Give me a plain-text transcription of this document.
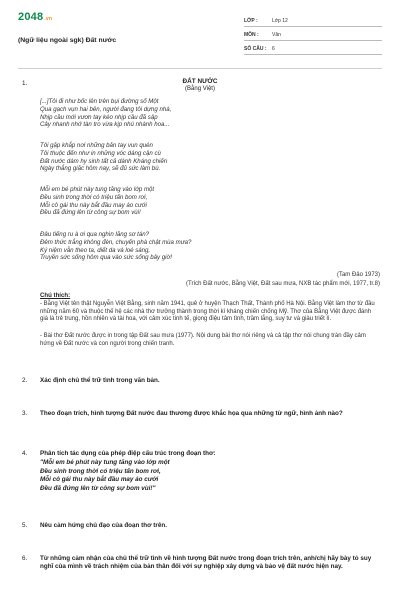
2048.vn
(Ngữ liệu ngoài sgk) Đất nước
LỚP :	Lớp 12
MÔN :	Văn
SỐ CÂU :	6
1.	ĐẤT NƯỚC
(Bằng Việt)
[...]Tôi đi như bốc lên trên bụi đường số Một
Qua gạch vụn hai bên, người đang tôi dựng nhà,
Nhịp cầu mới vươn tay kéo nhịp cầu đã sập
Cây nhanh nhớ tàn tro vừa kịp nhú nhành hoa...
Tôi gặp khắp nơi những bản tay vun quén
Tôi thuộc đến như in những vóc dáng cận cù
Đất nước dám hy sinh tất cả dành Kháng chiến
Ngày thắng giặc hôm nay, sẽ đủ sức làm bù.
Mỗi em bé phút này tung tăng vào lớp một
Đều sinh trong thời có triệu tấn bom rơi,
Mỗi cô gái thu này bắt đầu may áo cưới
Đều đã đứng lên từ công sự bom vùi!
Đâu tiếng ru à ơi qua nghìn lăng sơ tán?
Đêm thức trắng không đèn, chuyến phà chật mùa mưa?
Ký niệm vẫn theo ta, diết da và loé sáng,
Truyền sức sống hôm qua vào sức sống bây giờ!
(Tam Đảo 1973)
(Trích Đất nước, Bằng Việt, Đất sau mưa, NXB tác phẩm mới, 1977, tr.8)
Chú thích:
- Bằng Việt tên thật Nguyễn Việt Bằng, sinh năm 1941, quê ở huyện Thạch Thất, Thành phố Hà Nội. Bằng Việt làm thơ từ đầu những năm 60 và thuộc thế hệ các nhà thơ trưởng thành trong thời kì kháng chiến chống Mỹ. Thơ của Bằng Việt được đánh giá là trẻ trung, hồn nhiên và tài hoa, với cảm xúc tinh tế, giọng điệu tâm tình, trầm lắng, suy tư và giàu triết lí.
- Bài thơ Đất nước được in trong tập Đất sau mưa (1977). Nội dung bài thơ nói riêng và cả tập thơ nói chung tràn đầy cảm hứng về Đất nước và con người trong chiến tranh.
2. Xác định chủ thể trữ tình trong văn bản.
3. Theo đoạn trích, hình tượng Đất nước đau thương được khắc họa qua những từ ngữ, hình ảnh nào?
4. Phân tích tác dụng của phép điệp cấu trúc trong đoạn thơ:
"Mỗi em bé phút này tung tăng vào lớp một
Đều sinh trong thời có triệu tấn bom rơi,
Mỗi cô gái thu này bắt đầu may áo cưới
Đều đã đứng lên từ công sự bom vùi!"
5. Nêu cảm hứng chủ đạo của đoạn thơ trên.
6. Từ những cảm nhận của chủ thể trữ tình về hình tượng Đất nước trong đoạn trích trên, anh/chị hãy bày tỏ suy nghĩ của mình về trách nhiệm của bản thân đối với sự nghiệp xây dựng và bảo vệ đất nước hiện nay.
